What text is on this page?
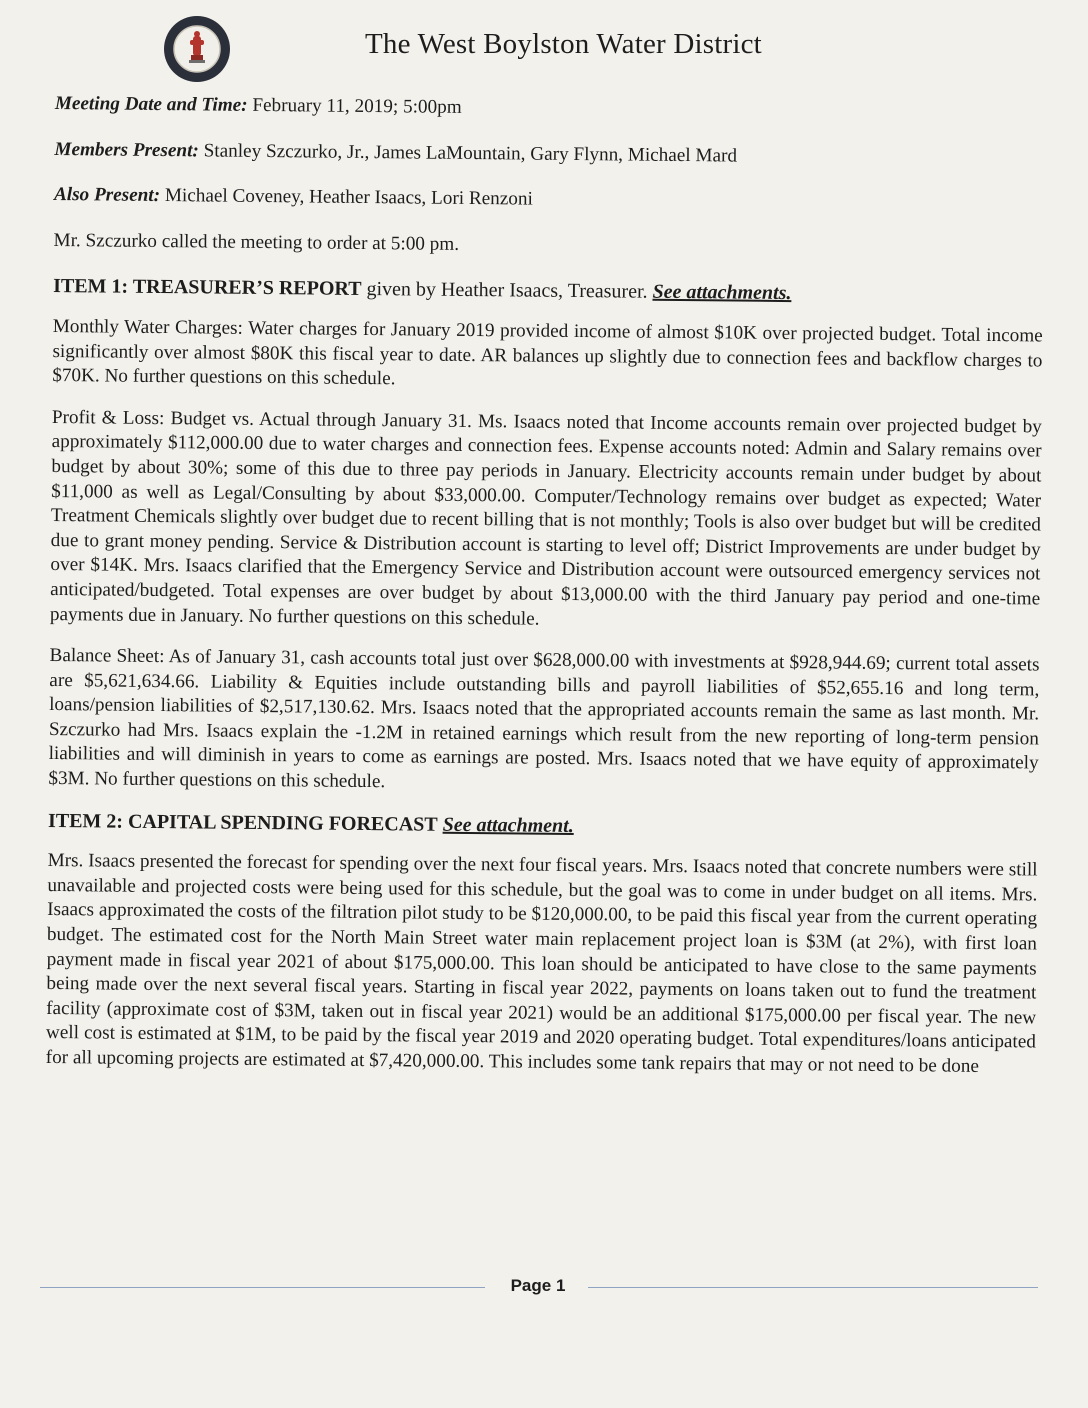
The West Boylston Water District
Meeting Date and Time: February 11, 2019; 5:00pm
Members Present: Stanley Szczurko, Jr., James LaMountain, Gary Flynn, Michael Mard
Also Present: Michael Coveney, Heather Isaacs, Lori Renzoni
Mr. Szczurko called the meeting to order at 5:00 pm.
ITEM 1: TREASURER’S REPORT given by Heather Isaacs, Treasurer. See attachments.

Monthly Water Charges: Water charges for January 2019 provided income of almost $10K over projected budget. Total income significantly over almost $80K this fiscal year to date. AR balances up slightly due to connection fees and backflow charges to $70K. No further questions on this schedule.

Profit & Loss: Budget vs. Actual through January 31. Ms. Isaacs noted that Income accounts remain over projected budget by approximately $112,000.00 due to water charges and connection fees. Expense accounts noted: Admin and Salary remains over budget by about 30%; some of this due to three pay periods in January. Electricity accounts remain under budget by about $11,000 as well as Legal/Consulting by about $33,000.00. Computer/Technology remains over budget as expected; Water Treatment Chemicals slightly over budget due to recent billing that is not monthly; Tools is also over budget but will be credited due to grant money pending. Service & Distribution account is starting to level off; District Improvements are under budget by over $14K. Mrs. Isaacs clarified that the Emergency Service and Distribution account were outsourced emergency services not anticipated/budgeted. Total expenses are over budget by about $13,000.00 with the third January pay period and one-time payments due in January. No further questions on this schedule.

Balance Sheet: As of January 31, cash accounts total just over $628,000.00 with investments at $928,944.69; current total assets are $5,621,634.66. Liability & Equities include outstanding bills and payroll liabilities of $52,655.16 and long term, loans/pension liabilities of $2,517,130.62. Mrs. Isaacs noted that the appropriated accounts remain the same as last month. Mr. Szczurko had Mrs. Isaacs explain the -1.2M in retained earnings which result from the new reporting of long-term pension liabilities and will diminish in years to come as earnings are posted. Mrs. Isaacs noted that we have equity of approximately $3M. No further questions on this schedule.

ITEM 2: CAPITAL SPENDING FORECAST See attachment.

Mrs. Isaacs presented the forecast for spending over the next four fiscal years. Mrs. Isaacs noted that concrete numbers were still unavailable and projected costs were being used for this schedule, but the goal was to come in under budget on all items. Mrs. Isaacs approximated the costs of the filtration pilot study to be $120,000.00, to be paid this fiscal year from the current operating budget. The estimated cost for the North Main Street water main replacement project loan is $3M (at 2%), with first loan payment made in fiscal year 2021 of about $175,000.00. This loan should be anticipated to have close to the same payments being made over the next several fiscal years. Starting in fiscal year 2022, payments on loans taken out to fund the treatment facility (approximate cost of $3M, taken out in fiscal year 2021) would be an additional $175,000.00 per fiscal year. The new well cost is estimated at $1M, to be paid by the fiscal year 2019 and 2020 operating budget. Total expenditures/loans anticipated for all upcoming projects are estimated at $7,420,000.00. This includes some tank repairs that may or not need to be done

Page 1
